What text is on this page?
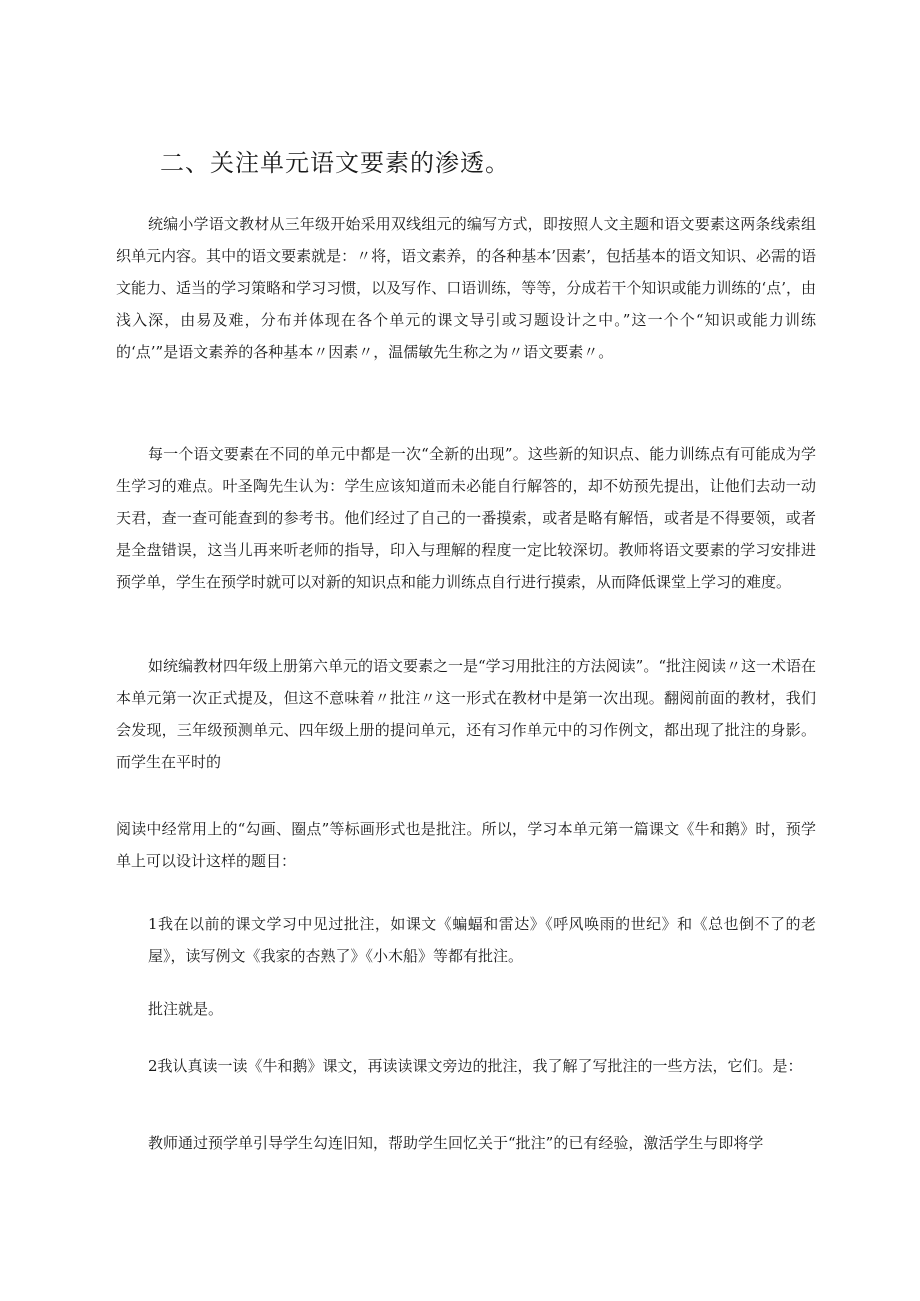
二、关注单元语文要素的渗透。

统编小学语文教材从三年级开始采用双线组元的编写方式，即按照人文主题和语文要素这两条线索组织单元内容。其中的语文要素就是：〃将，语文素养，的各种基本’因素’，包括基本的语文知识、必需的语文能力、适当的学习策略和学习习惯，以及写作、口语训练，等等，分成若干个知识或能力训练的‘点’，由浅入深，由易及难，分布并体现在各个单元的课文导引或习题设计之中。”这一个个“知识或能力训练的‘点’”是语文素养的各种基本〃因素〃，温儒敏先生称之为〃语文要素〃。

每一个语文要素在不同的单元中都是一次“全新的出现”。这些新的知识点、能力训练点有可能成为学生学习的难点。叶圣陶先生认为：学生应该知道而未必能自行解答的，却不妨预先提出，让他们去动一动天君，查一查可能查到的参考书。他们经过了自己的一番摸索，或者是略有解悟，或者是不得要领，或者是全盘错误，这当儿再来听老师的指导，印入与理解的程度一定比较深切。教师将语文要素的学习安排进预学单，学生在预学时就可以对新的知识点和能力训练点自行进行摸索，从而降低课堂上学习的难度。

如统编教材四年级上册第六单元的语文要素之一是“学习用批注的方法阅读”。“批注阅读〃这一术语在本单元第一次正式提及，但这不意味着〃批注〃这一形式在教材中是第一次出现。翻阅前面的教材，我们会发现，三年级预测单元、四年级上册的提问单元，还有习作单元中的习作例文，都出现了批注的身影。而学生在平时的

阅读中经常用上的“勾画、圈点”等标画形式也是批注。所以，学习本单元第一篇课文《牛和鹅》时，预学单上可以设计这样的题目：

1我在以前的课文学习中见过批注，如课文《蝙蝠和雷达》《呼风唤雨的世纪》和《总也倒不了的老屋》，读写例文《我家的杏熟了》《小木船》等都有批注。

批注就是。

2我认真读一读《牛和鹅》课文，再读读课文旁边的批注，我了解了写批注的一些方法，它们。是：

教师通过预学单引导学生勾连旧知，帮助学生回忆关于“批注”的已有经验，激活学生与即将学
